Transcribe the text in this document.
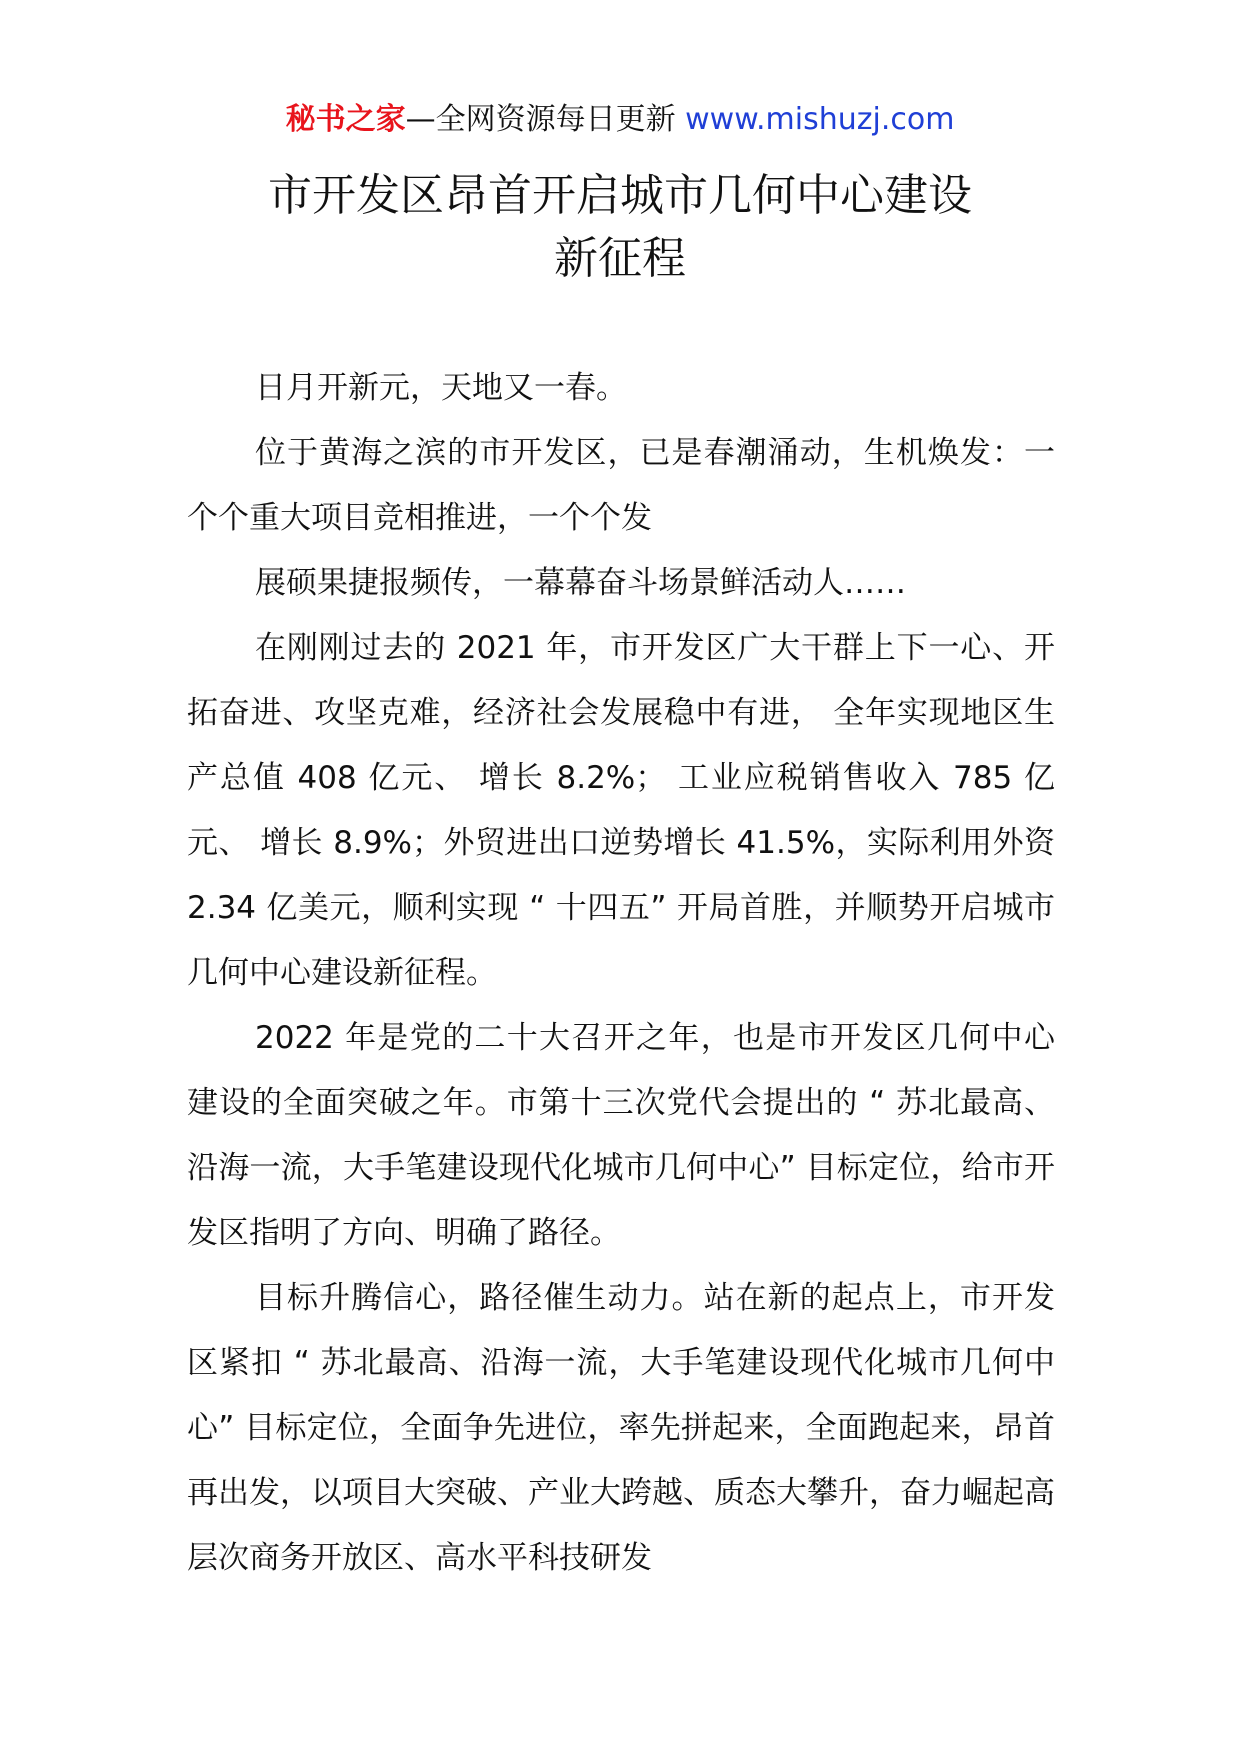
秘书之家—全网资源每日更新 www.mishuzj.com
市开发区昂首开启城市几何中心建设
新征程

日月开新元，天地又一春。

位于黄海之滨的市开发区，已是春潮涌动，生机焕发：一个个重大项目竞相推进，一个个发

展硕果捷报频传，一幕幕奋斗场景鲜活动人……

在刚刚过去的 2021 年，市开发区广大干群上下一心、开拓奋进、攻坚克难，经济社会发展稳中有进， 全年实现地区生产总值 408 亿元、 增长 8.2%； 工业应税销售收入 785 亿元、 增长 8.9%；外贸进出口逆势增长 41.5%，实际利用外资 2.34 亿美元，顺利实现 “ 十四五” 开局首胜，并顺势开启城市几何中心建设新征程。

2022 年是党的二十大召开之年，也是市开发区几何中心建设的全面突破之年。市第十三次党代会提出的 “ 苏北最高、沿海一流，大手笔建设现代化城市几何中心” 目标定位，给市开发区指明了方向、明确了路径。

目标升腾信心，路径催生动力。站在新的起点上，市开发区紧扣 “ 苏北最高、沿海一流，大手笔建设现代化城市几何中心” 目标定位，全面争先进位，率先拼起来，全面跑起来，昂首再出发，以项目大突破、产业大跨越、质态大攀升，奋力崛起高层次商务开放区、高水平科技研发
